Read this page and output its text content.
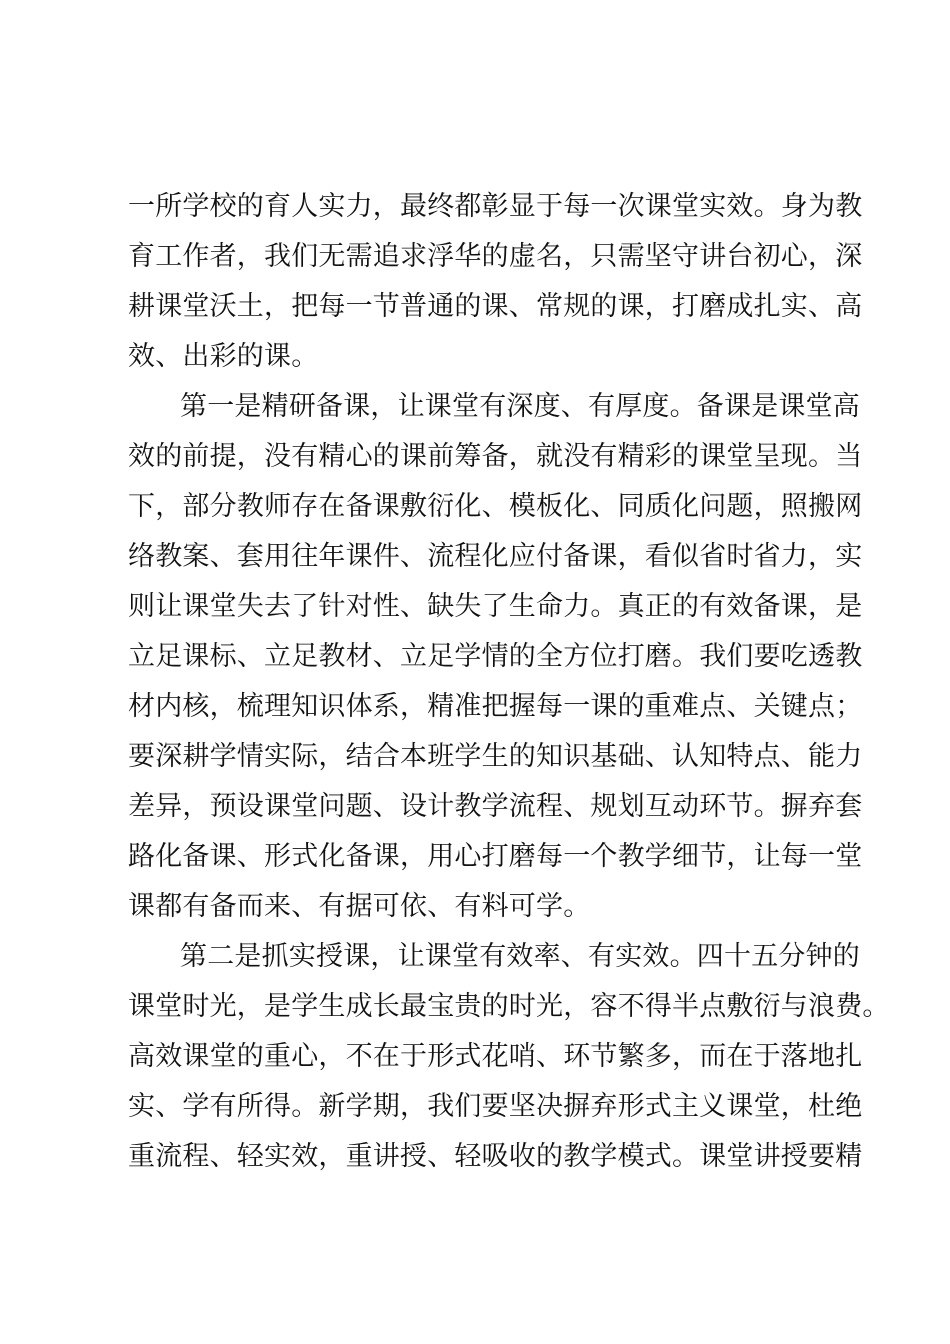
一所学校的育人实力，最终都彰显于每一次课堂实效。身为教
育工作者，我们无需追求浮华的虚名，只需坚守讲台初心，深
耕课堂沃土，把每一节普通的课、常规的课，打磨成扎实、高
效、出彩的课。
第一是精研备课，让课堂有深度、有厚度。备课是课堂高
效的前提，没有精心的课前筹备，就没有精彩的课堂呈现。当
下，部分教师存在备课敷衍化、模板化、同质化问题，照搬网
络教案、套用往年课件、流程化应付备课，看似省时省力，实
则让课堂失去了针对性、缺失了生命力。真正的有效备课，是
立足课标、立足教材、立足学情的全方位打磨。我们要吃透教
材内核，梳理知识体系，精准把握每一课的重难点、关键点；
要深耕学情实际，结合本班学生的知识基础、认知特点、能力
差异，预设课堂问题、设计教学流程、规划互动环节。摒弃套
路化备课、形式化备课，用心打磨每一个教学细节，让每一堂
课都有备而来、有据可依、有料可学。
第二是抓实授课，让课堂有效率、有实效。四十五分钟的
课堂时光，是学生成长最宝贵的时光，容不得半点敷衍与浪费。
高效课堂的重心，不在于形式花哨、环节繁多，而在于落地扎
实、学有所得。新学期，我们要坚决摒弃形式主义课堂，杜绝
重流程、轻实效，重讲授、轻吸收的教学模式。课堂讲授要精
